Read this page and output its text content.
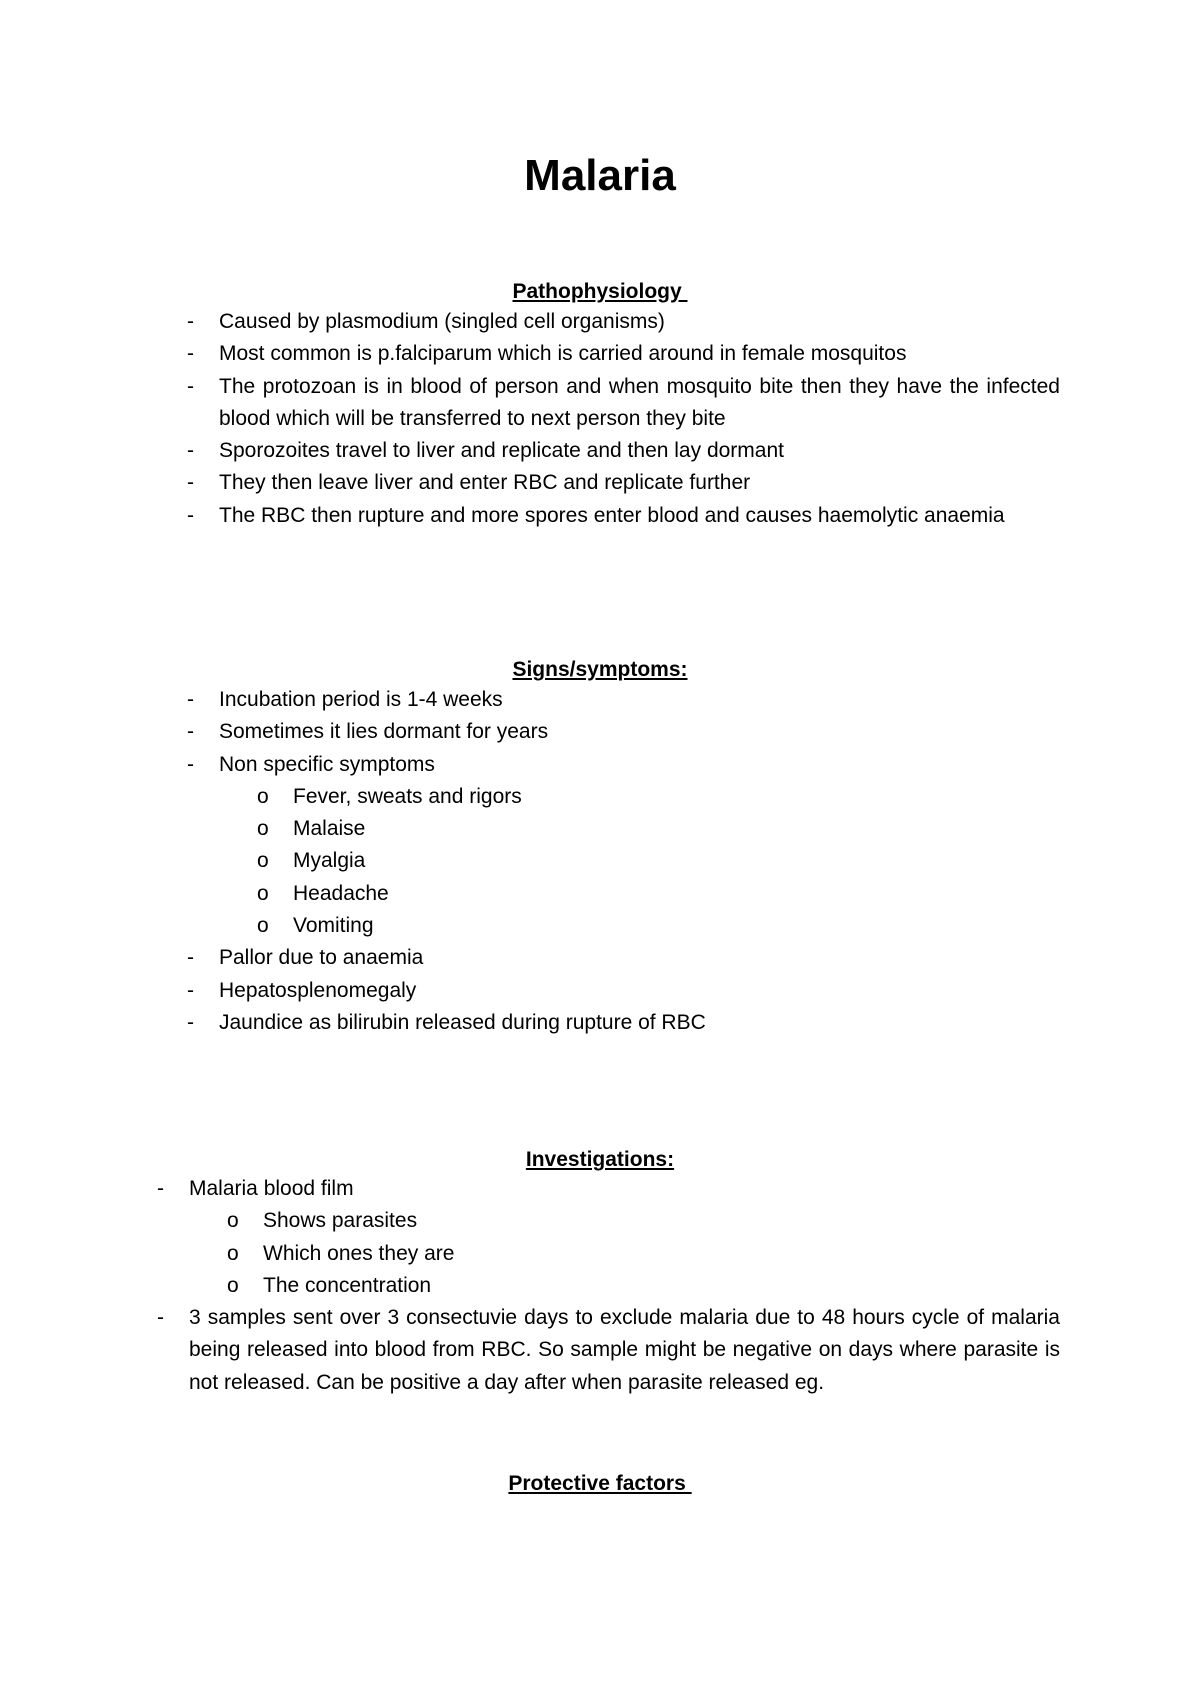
Malaria
Pathophysiology
- Caused by plasmodium (singled cell organisms)
- Most common is p.falciparum which is carried around in female mosquitos
- The protozoan is in blood of person and when mosquito bite then they have the infected blood which will be transferred to next person they bite
- Sporozoites travel to liver and replicate and then lay dormant
- They then leave liver and enter RBC and replicate further
- The RBC then rupture and more spores enter blood and causes haemolytic anaemia
Signs/symptoms:
- Incubation period is 1-4 weeks
- Sometimes it lies dormant for years
- Non specific symptoms
o Fever, sweats and rigors
o Malaise
o Myalgia
o Headache
o Vomiting
- Pallor due to anaemia
- Hepatosplenomegaly
- Jaundice as bilirubin released during rupture of RBC
Investigations:
- Malaria blood film
o Shows parasites
o Which ones they are
o The concentration
- 3 samples sent over 3 consectuvie days to exclude malaria due to 48 hours cycle of malaria being released into blood from RBC. So sample might be negative on days where parasite is not released. Can be positive a day after when parasite released eg.
Protective factors
